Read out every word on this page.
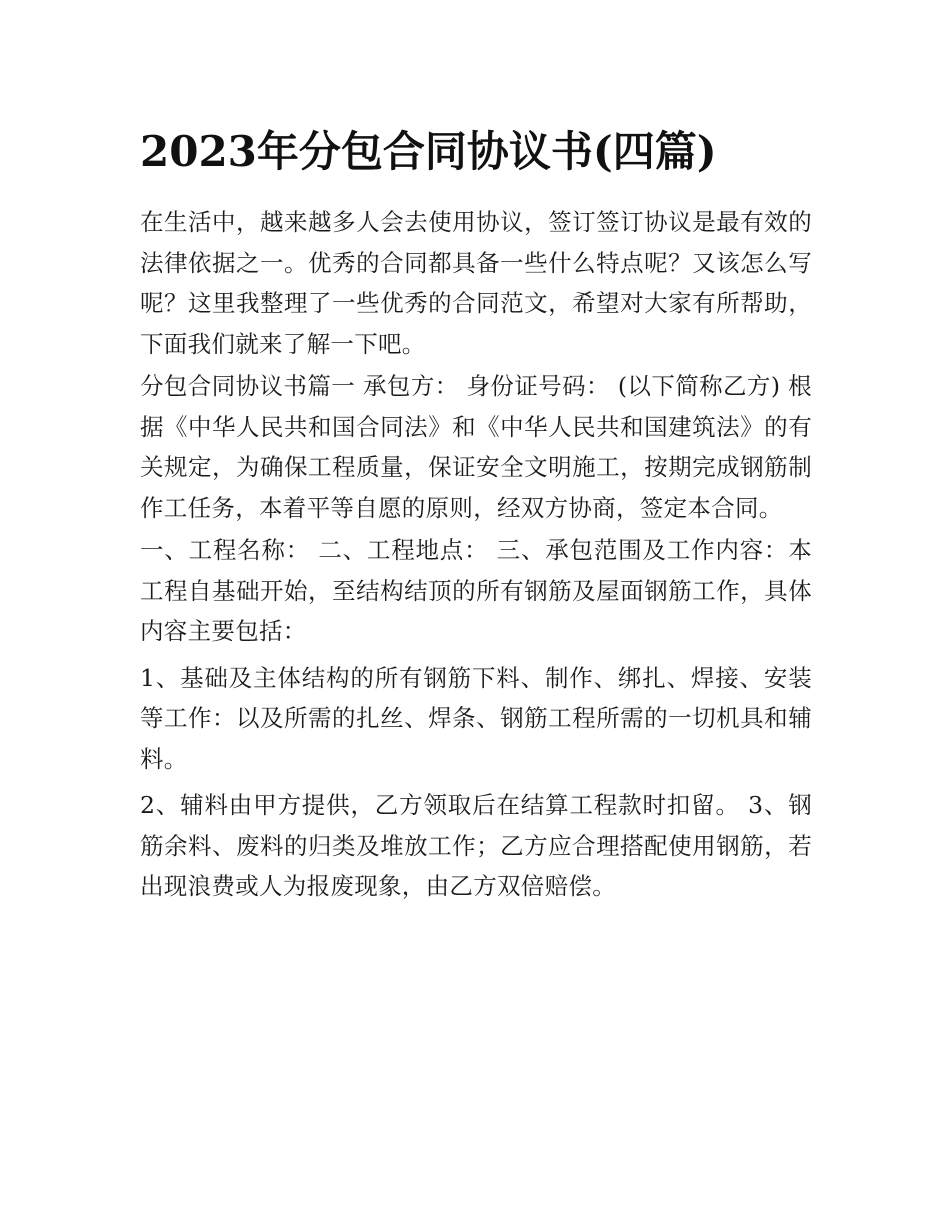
2023年分包合同协议书(四篇)

在生活中，越来越多人会去使用协议，签订签订协议是最有效的法律依据之一。优秀的合同都具备一些什么特点呢？又该怎么写呢？这里我整理了一些优秀的合同范文，希望对大家有所帮助，下面我们就来了解一下吧。

分包合同协议书篇一 承包方： 身份证号码： (以下简称乙方) 根据《中华人民共和国合同法》和《中华人民共和国建筑法》的有关规定，为确保工程质量，保证安全文明施工，按期完成钢筋制作工任务，本着平等自愿的原则，经双方协商，签定本合同。

一、工程名称： 二、工程地点： 三、承包范围及工作内容：本工程自基础开始，至结构结顶的所有钢筋及屋面钢筋工作，具体内容主要包括：

1、基础及主体结构的所有钢筋下料、制作、绑扎、焊接、安装等工作：以及所需的扎丝、焊条、钢筋工程所需的一切机具和辅料。

2、辅料由甲方提供，乙方领取后在结算工程款时扣留。 3、钢筋余料、废料的归类及堆放工作；乙方应合理搭配使用钢筋，若出现浪费或人为报废现象，由乙方双倍赔偿。
